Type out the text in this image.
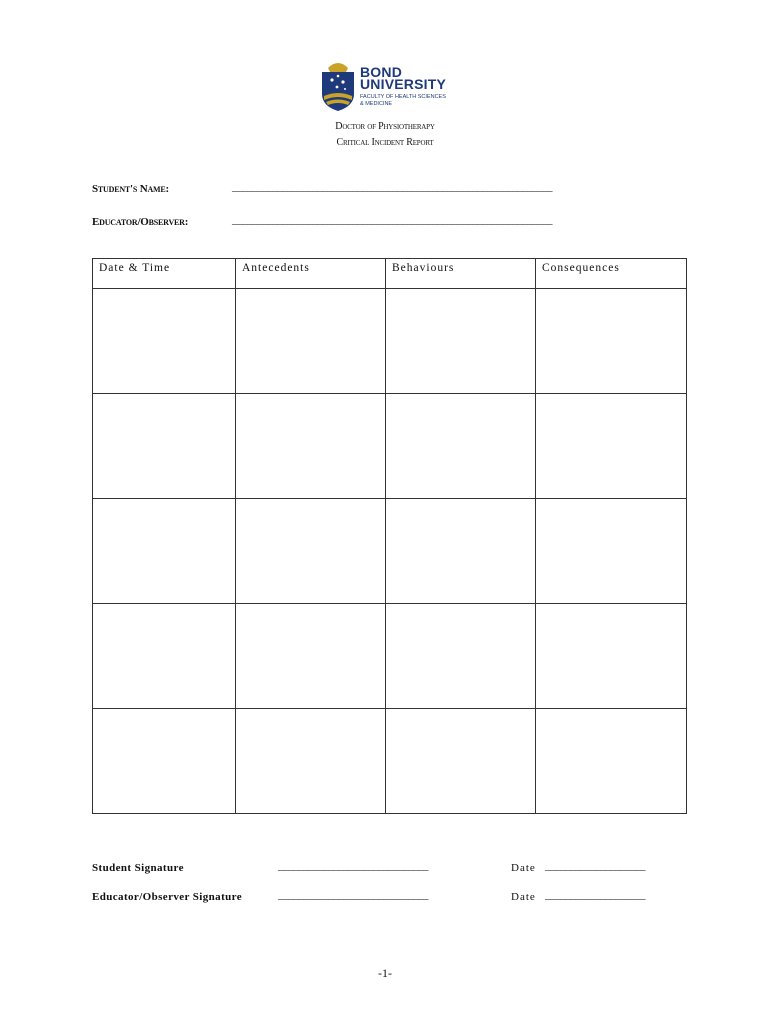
BOND
UNIVERSITY
FACULTY OF HEALTH SCIENCES
& MEDICINE
Doctor of Physiotherapy
Critical Incident Report
Student's Name:	________________________________________________________________
Educator/Observer:	________________________________________________________________
Date & Time	Antecedents	Behaviours	Consequences

Student Signature	______________________________	Date ____________________
Educator/Observer Signature	______________________________	Date ____________________
-1-
